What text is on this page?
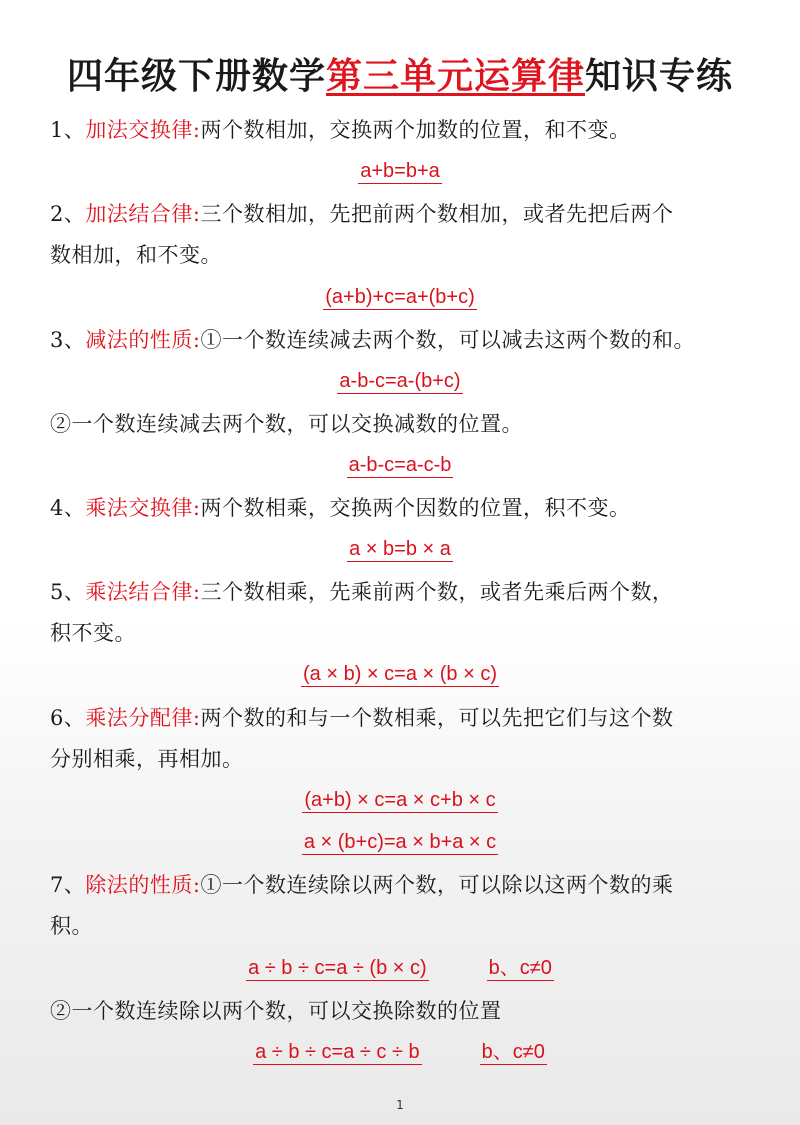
四年级下册数学第三单元运算律知识专练
1、加法交换律:两个数相加，交换两个加数的位置，和不变。
a+b=b+a
2、加法结合律:三个数相加，先把前两个数相加，或者先把后两个
数相加，和不变。
(a+b)+c=a+(b+c)
3、减法的性质:①一个数连续减去两个数，可以减去这两个数的和。
a-b-c=a-(b+c)
②一个数连续减去两个数，可以交换减数的位置。
a-b-c=a-c-b
4、乘法交换律:两个数相乘，交换两个因数的位置，积不变。
a × b=b × a
5、乘法结合律:三个数相乘，先乘前两个数，或者先乘后两个数，
积不变。
(a × b) × c=a × (b × c)
6、乘法分配律:两个数的和与一个数相乘，可以先把它们与这个数
分别相乘，再相加。
(a+b) × c=a × c+b × c
a × (b+c)=a × b+a × c
7、除法的性质:①一个数连续除以两个数，可以除以这两个数的乘
积。
a ÷ b ÷ c=a ÷ (b × c)	b、c≠0
②一个数连续除以两个数，可以交换除数的位置
a ÷ b ÷ c=a ÷ c ÷ b	b、c≠0
1
